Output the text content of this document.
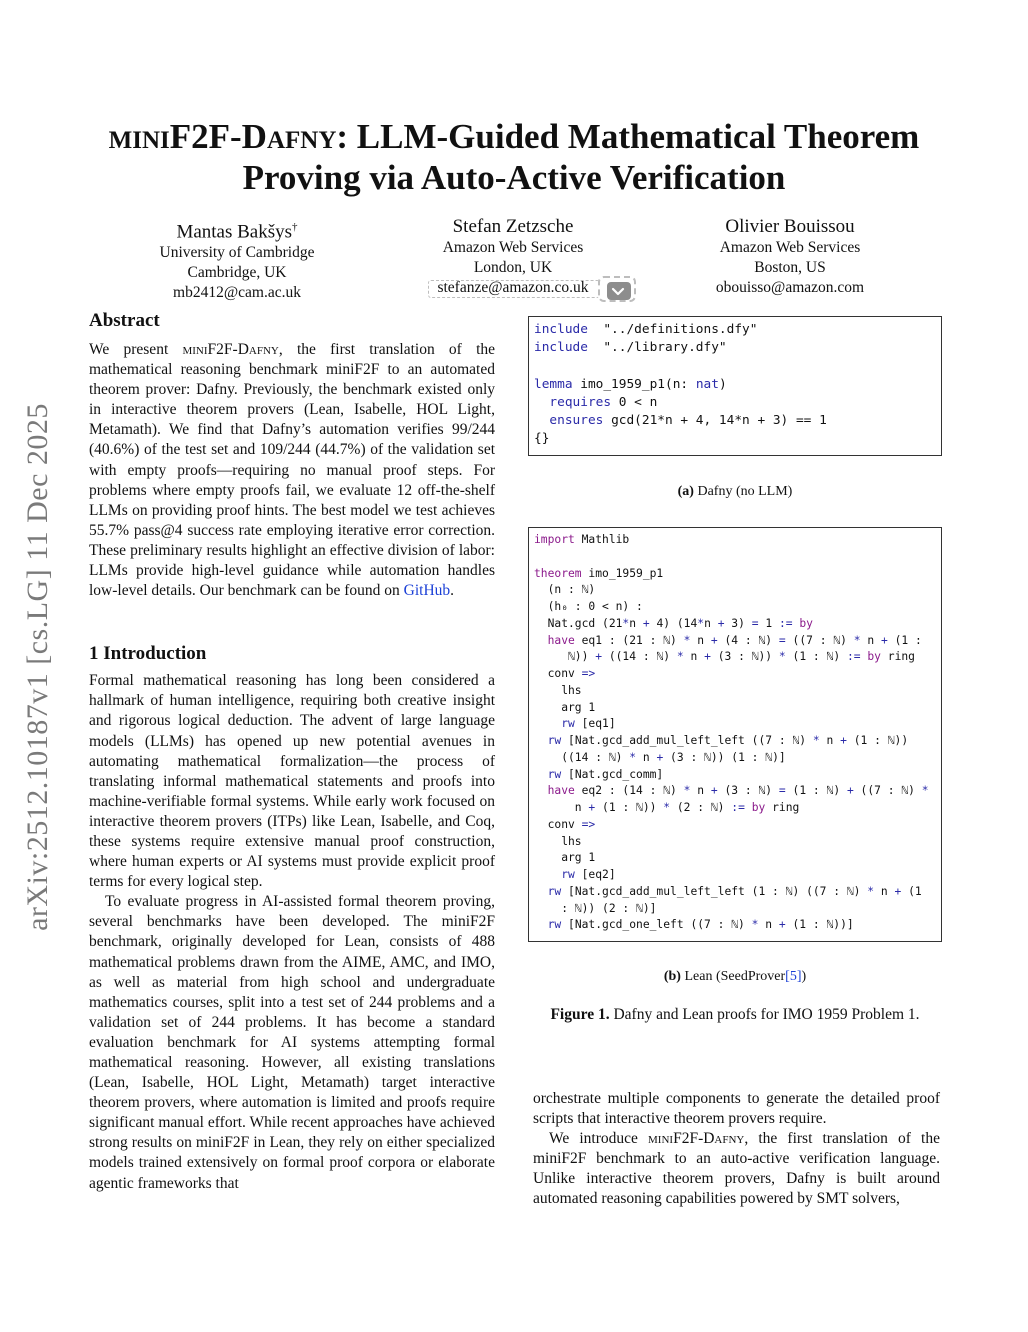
arXiv:2512.10187v1 [cs.LG] 11 Dec 2025
miniF2F-Dafny: LLM-Guided Mathematical Theorem
Proving via Auto-Active Verification
Mantas Bakšys†
University of Cambridge
Cambridge, UK
mb2412@cam.ac.uk
Stefan Zetzsche
Amazon Web Services
London, UK
stefanze@amazon.co.uk
Olivier Bouissou
Amazon Web Services
Boston, US
obouisso@amazon.com
Abstract

We present miniF2F-Dafny, the first translation of the mathematical reasoning benchmark miniF2F to an automated theorem prover: Dafny. Previously, the benchmark existed only in interactive theorem provers (Lean, Isabelle, HOL Light, Metamath). We find that Dafny’s automation verifies 99/244 (40.6%) of the test set and 109/244 (44.7%) of the validation set with empty proofs—requiring no manual proof steps. For problems where empty proofs fail, we evaluate 12 off-the-shelf LLMs on providing proof hints. The best model we test achieves 55.7% pass@4 success rate employing iterative error correction. These preliminary results highlight an effective division of labor: LLMs provide high-level guidance while automation handles low-level details. Our benchmark can be found on GitHub.

1 Introduction

Formal mathematical reasoning has long been considered a hallmark of human intelligence, requiring both creative insight and rigorous logical deduction. The advent of large language models (LLMs) has opened up new potential avenues in automating mathematical formalization—the process of translating informal mathematical statements and proofs into machine-verifiable formal systems. While early work focused on interactive theorem provers (ITPs) like Lean, Isabelle, and Coq, these systems require extensive manual proof construction, where human experts or AI systems must provide explicit proof terms for every logical step.

To evaluate progress in AI-assisted formal theorem proving, several benchmarks have been developed. The miniF2F benchmark, originally developed for Lean, consists of 488 mathematical problems drawn from the AIME, AMC, and IMO, as well as material from high school and undergraduate mathematics courses, split into a test set of 244 problems and a validation set of 244 problems. It has become a standard evaluation benchmark for AI systems attempting formal mathematical reasoning. However, all existing translations (Lean, Isabelle, HOL Light, Metamath) target interactive theorem provers, where automation is limited and proofs require significant manual effort. While recent approaches have achieved strong results on miniF2F in Lean, they rely on either specialized models trained extensively on formal proof corpora or elaborate agentic frameworks that

include  "../definitions.dfy"
include  "../library.dfy"

lemma imo_1959_p1(n: nat)
requires 0 < n
ensures gcd(21*n + 4, 14*n + 3) == 1
{}
(a) Dafny (no LLM)
import Mathlib

theorem imo_1959_p1
(n : ℕ)
(h₀ : 0 < n) :
Nat.gcd (21*n + 4) (14*n + 3) = 1 := by
have eq1 : (21 : ℕ) * n + (4 : ℕ) = ((7 : ℕ) * n + (1 :
ℕ)) + ((14 : ℕ) * n + (3 : ℕ)) * (1 : ℕ) := by ring
conv =>
lhs
arg 1
rw [eq1]
rw [Nat.gcd_add_mul_left_left ((7 : ℕ) * n + (1 : ℕ))
((14 : ℕ) * n + (3 : ℕ)) (1 : ℕ)]
rw [Nat.gcd_comm]
have eq2 : (14 : ℕ) * n + (3 : ℕ) = (1 : ℕ) + ((7 : ℕ) *
n + (1 : ℕ)) * (2 : ℕ) := by ring
conv =>
lhs
arg 1
rw [eq2]
rw [Nat.gcd_add_mul_left_left (1 : ℕ) ((7 : ℕ) * n + (1
: ℕ)) (2 : ℕ)]
rw [Nat.gcd_one_left ((7 : ℕ) * n + (1 : ℕ))]
(b) Lean (SeedProver[5])
Figure 1. Dafny and Lean proofs for IMO 1959 Problem 1.

orchestrate multiple components to generate the detailed proof scripts that interactive theorem provers require.

We introduce miniF2F-Dafny, the first translation of the miniF2F benchmark to an auto-active verification language. Unlike interactive theorem provers, Dafny is built around automated reasoning capabilities powered by SMT solvers,
